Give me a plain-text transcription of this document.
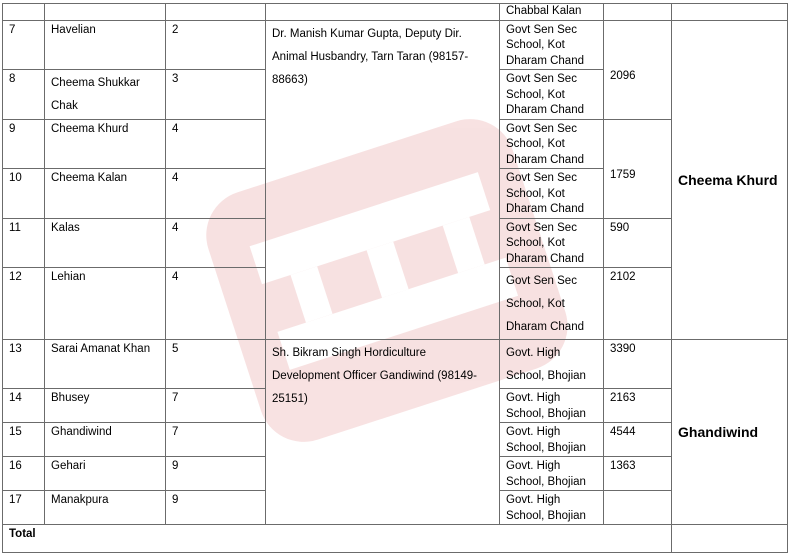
				Chabbal Kalan		
7	Havelian	2	Dr. Manish Kumar Gupta, Deputy Dir. Animal Husbandry, Tarn Taran (98157-88663)	Govt Sen Sec School, Kot Dharam Chand	2096	Cheema Khurd
8	Cheema Shukkar Chak	3		Govt Sen Sec School, Kot Dharam Chand		
9	Cheema Khurd	4		Govt Sen Sec School, Kot Dharam Chand	1759	
10	Cheema Kalan	4		Govt Sen Sec School, Kot Dharam Chand		
11	Kalas	4		Govt Sen Sec School, Kot Dharam Chand	590	
12	Lehian	4		Govt Sen Sec School, Kot Dharam Chand	2102	
13	Sarai Amanat Khan	5	Sh. Bikram Singh Hordiculture Development Officer Gandiwind (98149-25151)	Govt. High School, Bhojian	3390	Ghandiwind
14	Bhusey	7		Govt. High School, Bhojian	2163	
15	Ghandiwind	7		Govt. High School, Bhojian	4544	
16	Gehari	9		Govt. High School, Bhojian	1363	
17	Manakpura	9		Govt. High School, Bhojian		
Total						
